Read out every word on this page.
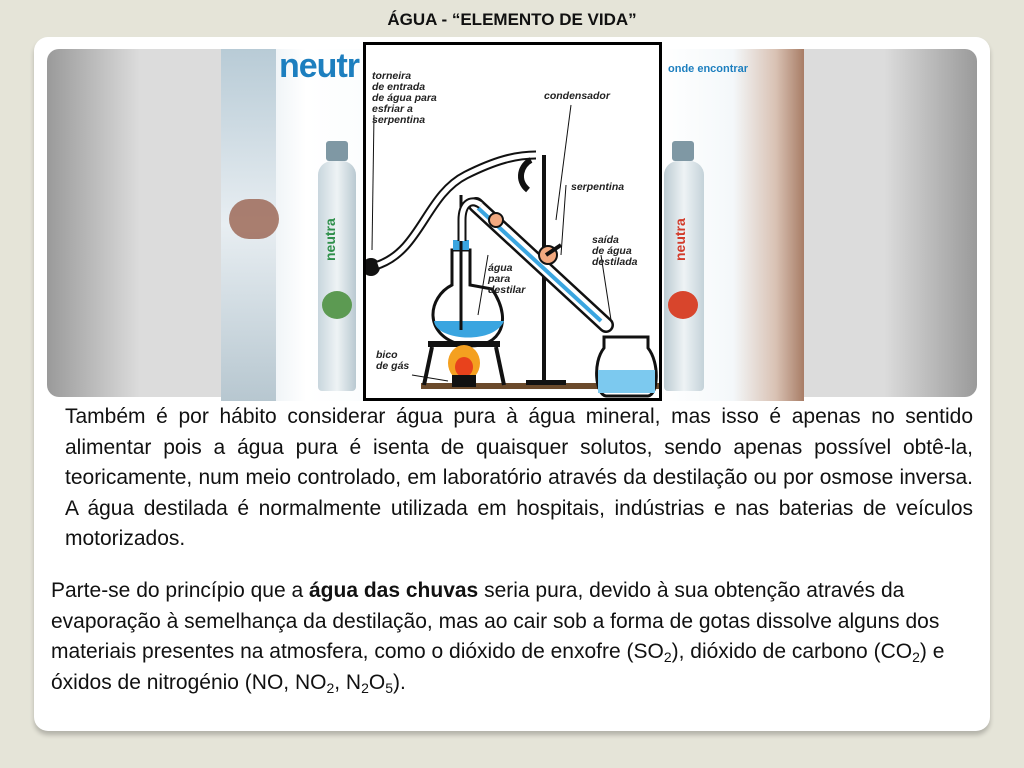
ÁGUA - “ELEMENTO DE VIDA”
neutr
neutra
onde encontrar
neutra
torneira
de entrada
de água para
esfriar a
serpentina
condensador
serpentina
saída
de água
destilada
água
para
destilar
bico
de gás

Também é por hábito considerar água pura à água mineral, mas isso é apenas no sentido alimentar pois a água pura é isenta de quaisquer solutos, sendo apenas possível obtê-la, teoricamente, num meio controlado, em laboratório através da destilação ou por osmose inversa. A água destilada é normalmente utilizada em hospitais, indústrias e nas baterias de veículos motorizados.

Parte-se do princípio que a água das chuvas seria pura, devido à sua obtenção através da evaporação à semelhança da destilação, mas ao cair sob a forma de gotas dissolve alguns dos materiais presentes na atmosfera, como o dióxido de enxofre $(SO_2)$, dióxido de carbono $(CO_2)$ e óxidos de nitrogénio (NO, $NO_2$, $N_2O_5$).
